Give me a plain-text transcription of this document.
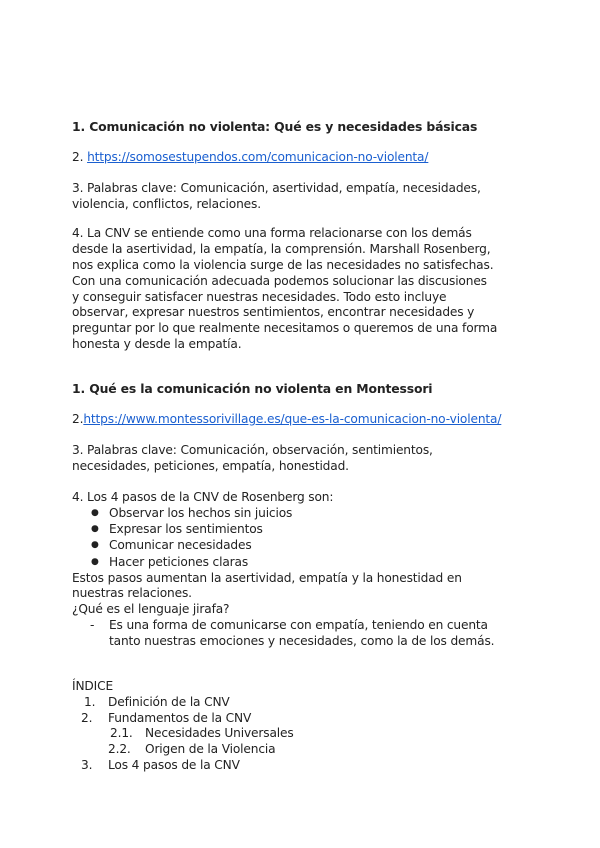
1. Comunicación no violenta: Qué es y necesidades básicas
2. https://somosestupendos.com/comunicacion-no-violenta/
3. Palabras clave: Comunicación, asertividad, empatía, necesidades,
violencia, conflictos, relaciones.
4. La CNV se entiende como una forma relacionarse con los demás
desde la asertividad, la empatía, la comprensión. Marshall Rosenberg,
nos explica como la violencia surge de las necesidades no satisfechas.
Con una comunicación adecuada podemos solucionar las discusiones
y conseguir satisfacer nuestras necesidades. Todo esto incluye
observar, expresar nuestros sentimientos, encontrar necesidades y
preguntar por lo que realmente necesitamos o queremos de una forma
honesta y desde la empatía.
1. Qué es la comunicación no violenta en Montessori
2.https://www.montessorivillage.es/que-es-la-comunicacion-no-violenta/
3. Palabras clave: Comunicación, observación, sentimientos,
necesidades, peticiones, empatía, honestidad.
4. Los 4 pasos de la CNV de Rosenberg son:
● Observar los hechos sin juicios
● Expresar los sentimientos
● Comunicar necesidades
● Hacer peticiones claras
Estos pasos aumentan la asertividad, empatía y la honestidad en
nuestras relaciones.
¿Qué es el lenguaje jirafa?
- Es una forma de comunicarse con empatía, teniendo en cuenta
tanto nuestras emociones y necesidades, como la de los demás.
ÍNDICE
1. Definición de la CNV
2. Fundamentos de la CNV
2.1. Necesidades Universales
2.2. Origen de la Violencia
3. Los 4 pasos de la CNV
